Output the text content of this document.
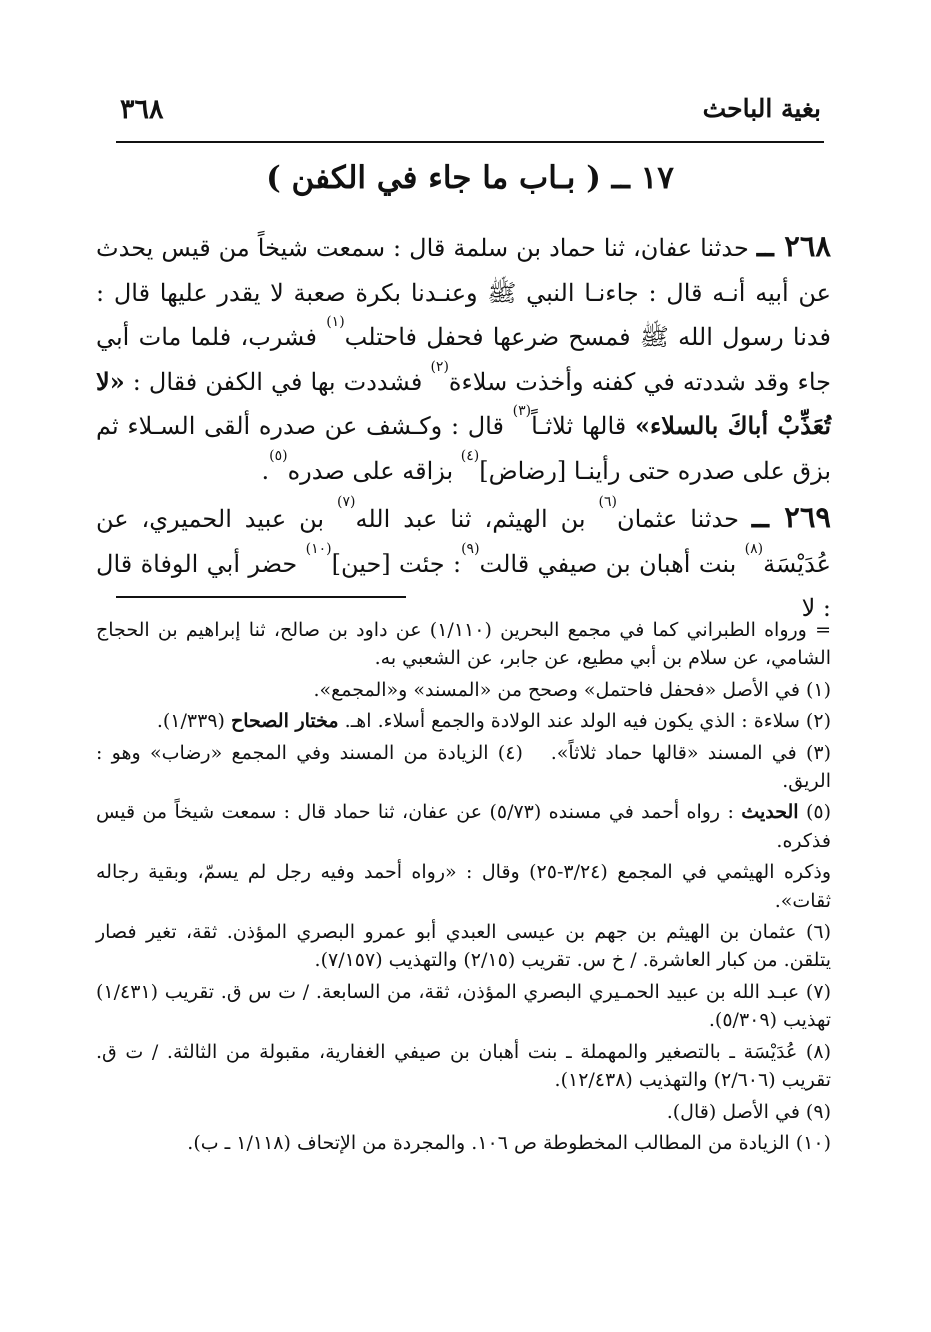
٣٦٨	بغية الباحث
١٧ ــ ( بـاب ما جاء في الكفن )

٢٦٨ ــ حدثنا عفان، ثنا حماد بن سلمة قال : سمعت شيخاً من قيس يحدث عن أبيه أنـه قال : جاءنـا النبي ﷺ وعنـدنا بكرة صعبة لا يقدر عليها قال : فدنا رسول الله ﷺ فمسح ضرعها فحفل فاحتلب$^{(١)}$ فشرب، فلما مات أبي جاء وقد شددته في كفنه وأخذت سلاءة$^{(٢)}$ فشددت بها في الكفن فقال : «لا تُعَذِّبْ أباكَ بالسلاء» قالها ثلاثـاً$^{(٣)}$ قال : وكـشف عن صدره ألقى السـلاء ثم بزق على صدره حتى رأينـا [رضاض]$^{(٤)}$ بزاقه على صدره$^{(٥)}$.

٢٦٩ ــ حدثنا عثمان$^{(٦)}$ بن الهيثم، ثنا عبد الله$^{(٧)}$ بن عبيد الحميري، عن عُدَيْسَة$^{(٨)}$ بنت أهبان بن صيفي قالت$^{(٩)}$: جئت [حين]$^{(١٠)}$ حضر أبي الوفاة قال : لا

= ورواه الطبراني كما في مجمع البحرين (١/١١٠) عن داود بن صالح، ثنا إبراهيم بن الحجاج الشامي، عن سلام بن أبي مطيع، عن جابر، عن الشعبي به.

(١) في الأصل «فحفل فاحتمل» وصحح من «المسند» و«المجمع».

(٢) سلاءة : الذي يكون فيه الولد عند الولادة والجمع أسلاء. اهـ. مختار الصحاح (١/٣٣٩).

(٣) في المسند «قالها حماد ثلاثاً».   (٤) الزيادة من المسند وفي المجمع «رضاب» وهو : الريق.

(٥) الحديث : رواه أحمد في مسنده (٥/٧٣) عن عفان، ثنا حماد قال : سمعت شيخاً من قيس فذكره.

وذكره الهيثمي في المجمع (٣/٢٤-٢٥) وقال : «رواه أحمد وفيه رجل لم يسمّ، وبقية رجاله ثقات».

(٦) عثمان بن الهيثم بن جهم بن عيسى العبدي أبو عمرو البصري المؤذن. ثقة، تغير فصار يتلقن. من كبار العاشرة. / خ س. تقريب (٢/١٥) والتهذيب (٧/١٥٧).

(٧) عبـد الله بن عبيد الحمـيري البصري المؤذن، ثقة، من السابعة. / ت س ق. تقريب (١/٤٣١) تهذيب (٥/٣٠٩).

(٨) عُدَيْسَة ـ بالتصغير والمهملة ـ بنت أهبان بن صيفي الغفارية، مقبولة من الثالثة. / ت ق. تقريب (٢/٦٠٦) والتهذيب (١٢/٤٣٨).

(٩) في الأصل (قال).

(١٠) الزيادة من المطالب المخطوطة ص ١٠٦. والمجردة من الإتحاف (١/١١٨ ـ ب).
